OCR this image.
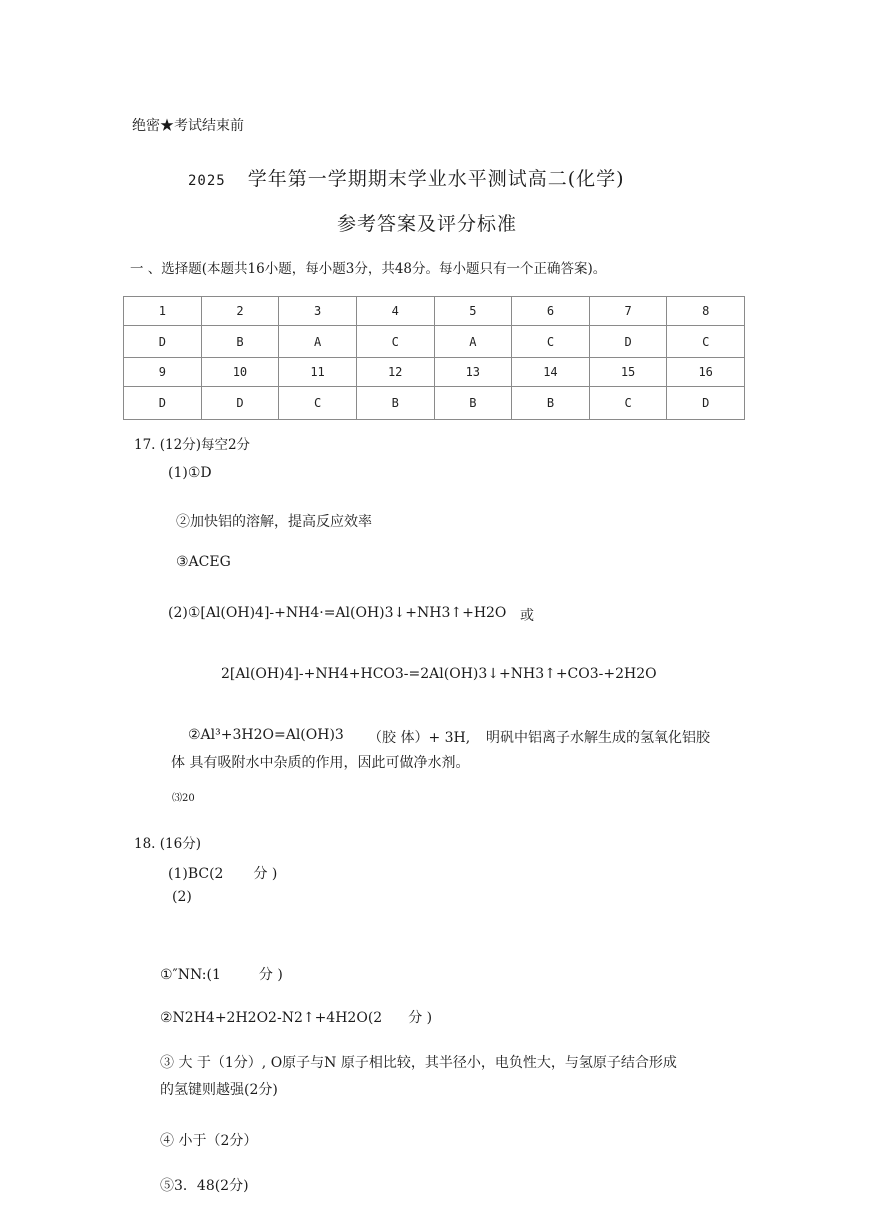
绝密★考试结束前
2025 学年第一学期期末学业水平测试高二(化学)
参考答案及评分标准
一 、选择题(本题共16小题，每小题3分，共48分。每小题只有一个正确答案)。
1	2	3	4	5	6	7	8
D	B	A	C	A	C	D	C
9	10	11	12	13	14	15	16
D	D	C	B	B	B	C	D
17. (12分)每空2分
(1)①D
②加快铝的溶解，提高反应效率
③ACEG
(2)①[Al(OH)4]-+NH4·=Al(OH)3↓+NH3↑+H2O 或
2[Al(OH)4]-+NH4+HCO3-=2Al(OH)3↓+NH3↑+CO3-+2H2O
②Al³+3H2O=Al(OH)3 （胶 体）+ 3H, 明矾中铝离子水解生成的氢氧化铝胶
体 具有吸附水中杂质的作用，因此可做净水剂。
⑶20
18. (16分)
(1)BC(2 分 )
(2)
①″NN:(1	分 )
②N2H4+2H2O2-N2↑+4H2O(2 分 )
③ 大 于（1分）, O原子与N 原子相比较，其半径小，电负性大，与氢原子结合形成
的氢键则越强(2分)
④ 小于（2分）
⑤3．48(2分)
